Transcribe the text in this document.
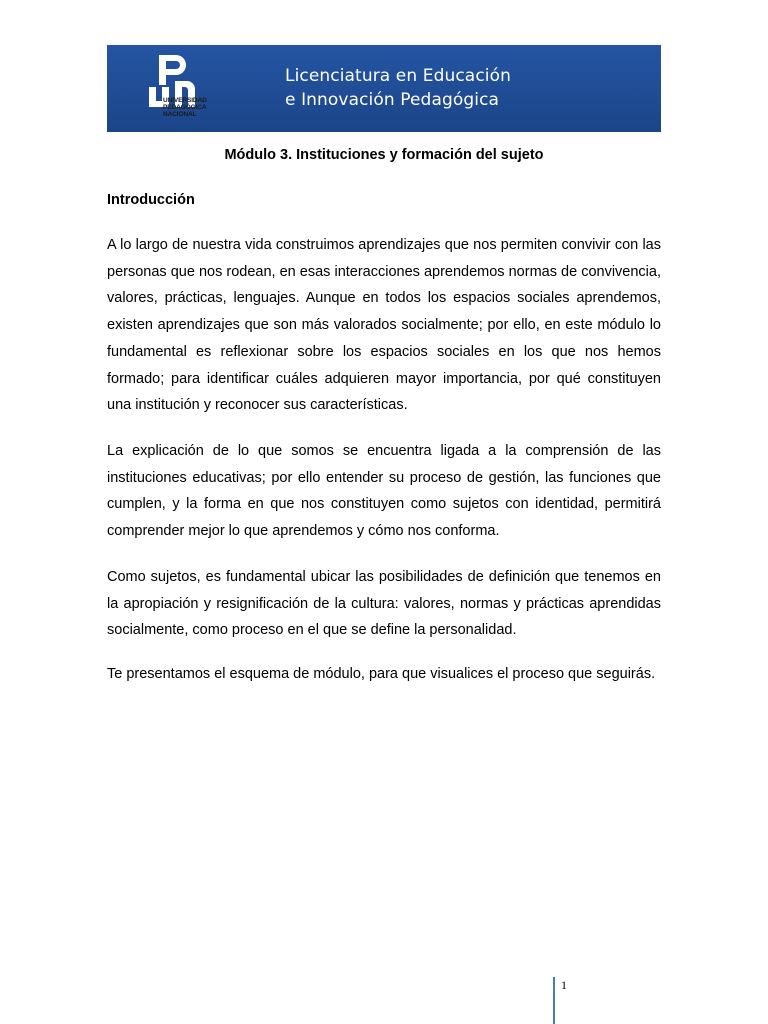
UNIVERSIDAD
PEDAGÓGICA
NACIONAL
Licenciatura en Educación
e Innovación Pedagógica
Módulo 3. Instituciones y formación del sujeto
Introducción

A lo largo de nuestra vida construimos aprendizajes que nos permiten convivir con las personas que nos rodean, en esas interacciones aprendemos normas de convivencia, valores, prácticas, lenguajes. Aunque en todos los espacios sociales aprendemos, existen aprendizajes que son más valorados socialmente; por ello, en este módulo lo fundamental es reflexionar sobre los espacios sociales en los que nos hemos formado; para identificar cuáles adquieren mayor importancia, por qué constituyen una institución y reconocer sus características.

La explicación de lo que somos se encuentra ligada a la comprensión de las instituciones educativas; por ello entender su proceso de gestión, las funciones que cumplen, y la forma en que nos constituyen como sujetos con identidad, permitirá comprender mejor lo que aprendemos y cómo nos conforma.

Como sujetos, es fundamental ubicar las posibilidades de definición que tenemos en la apropiación y resignificación de la cultura: valores, normas y prácticas aprendidas socialmente, como proceso en el que se define la personalidad.

Te presentamos el esquema de módulo, para que visualices el proceso que seguirás.

1
